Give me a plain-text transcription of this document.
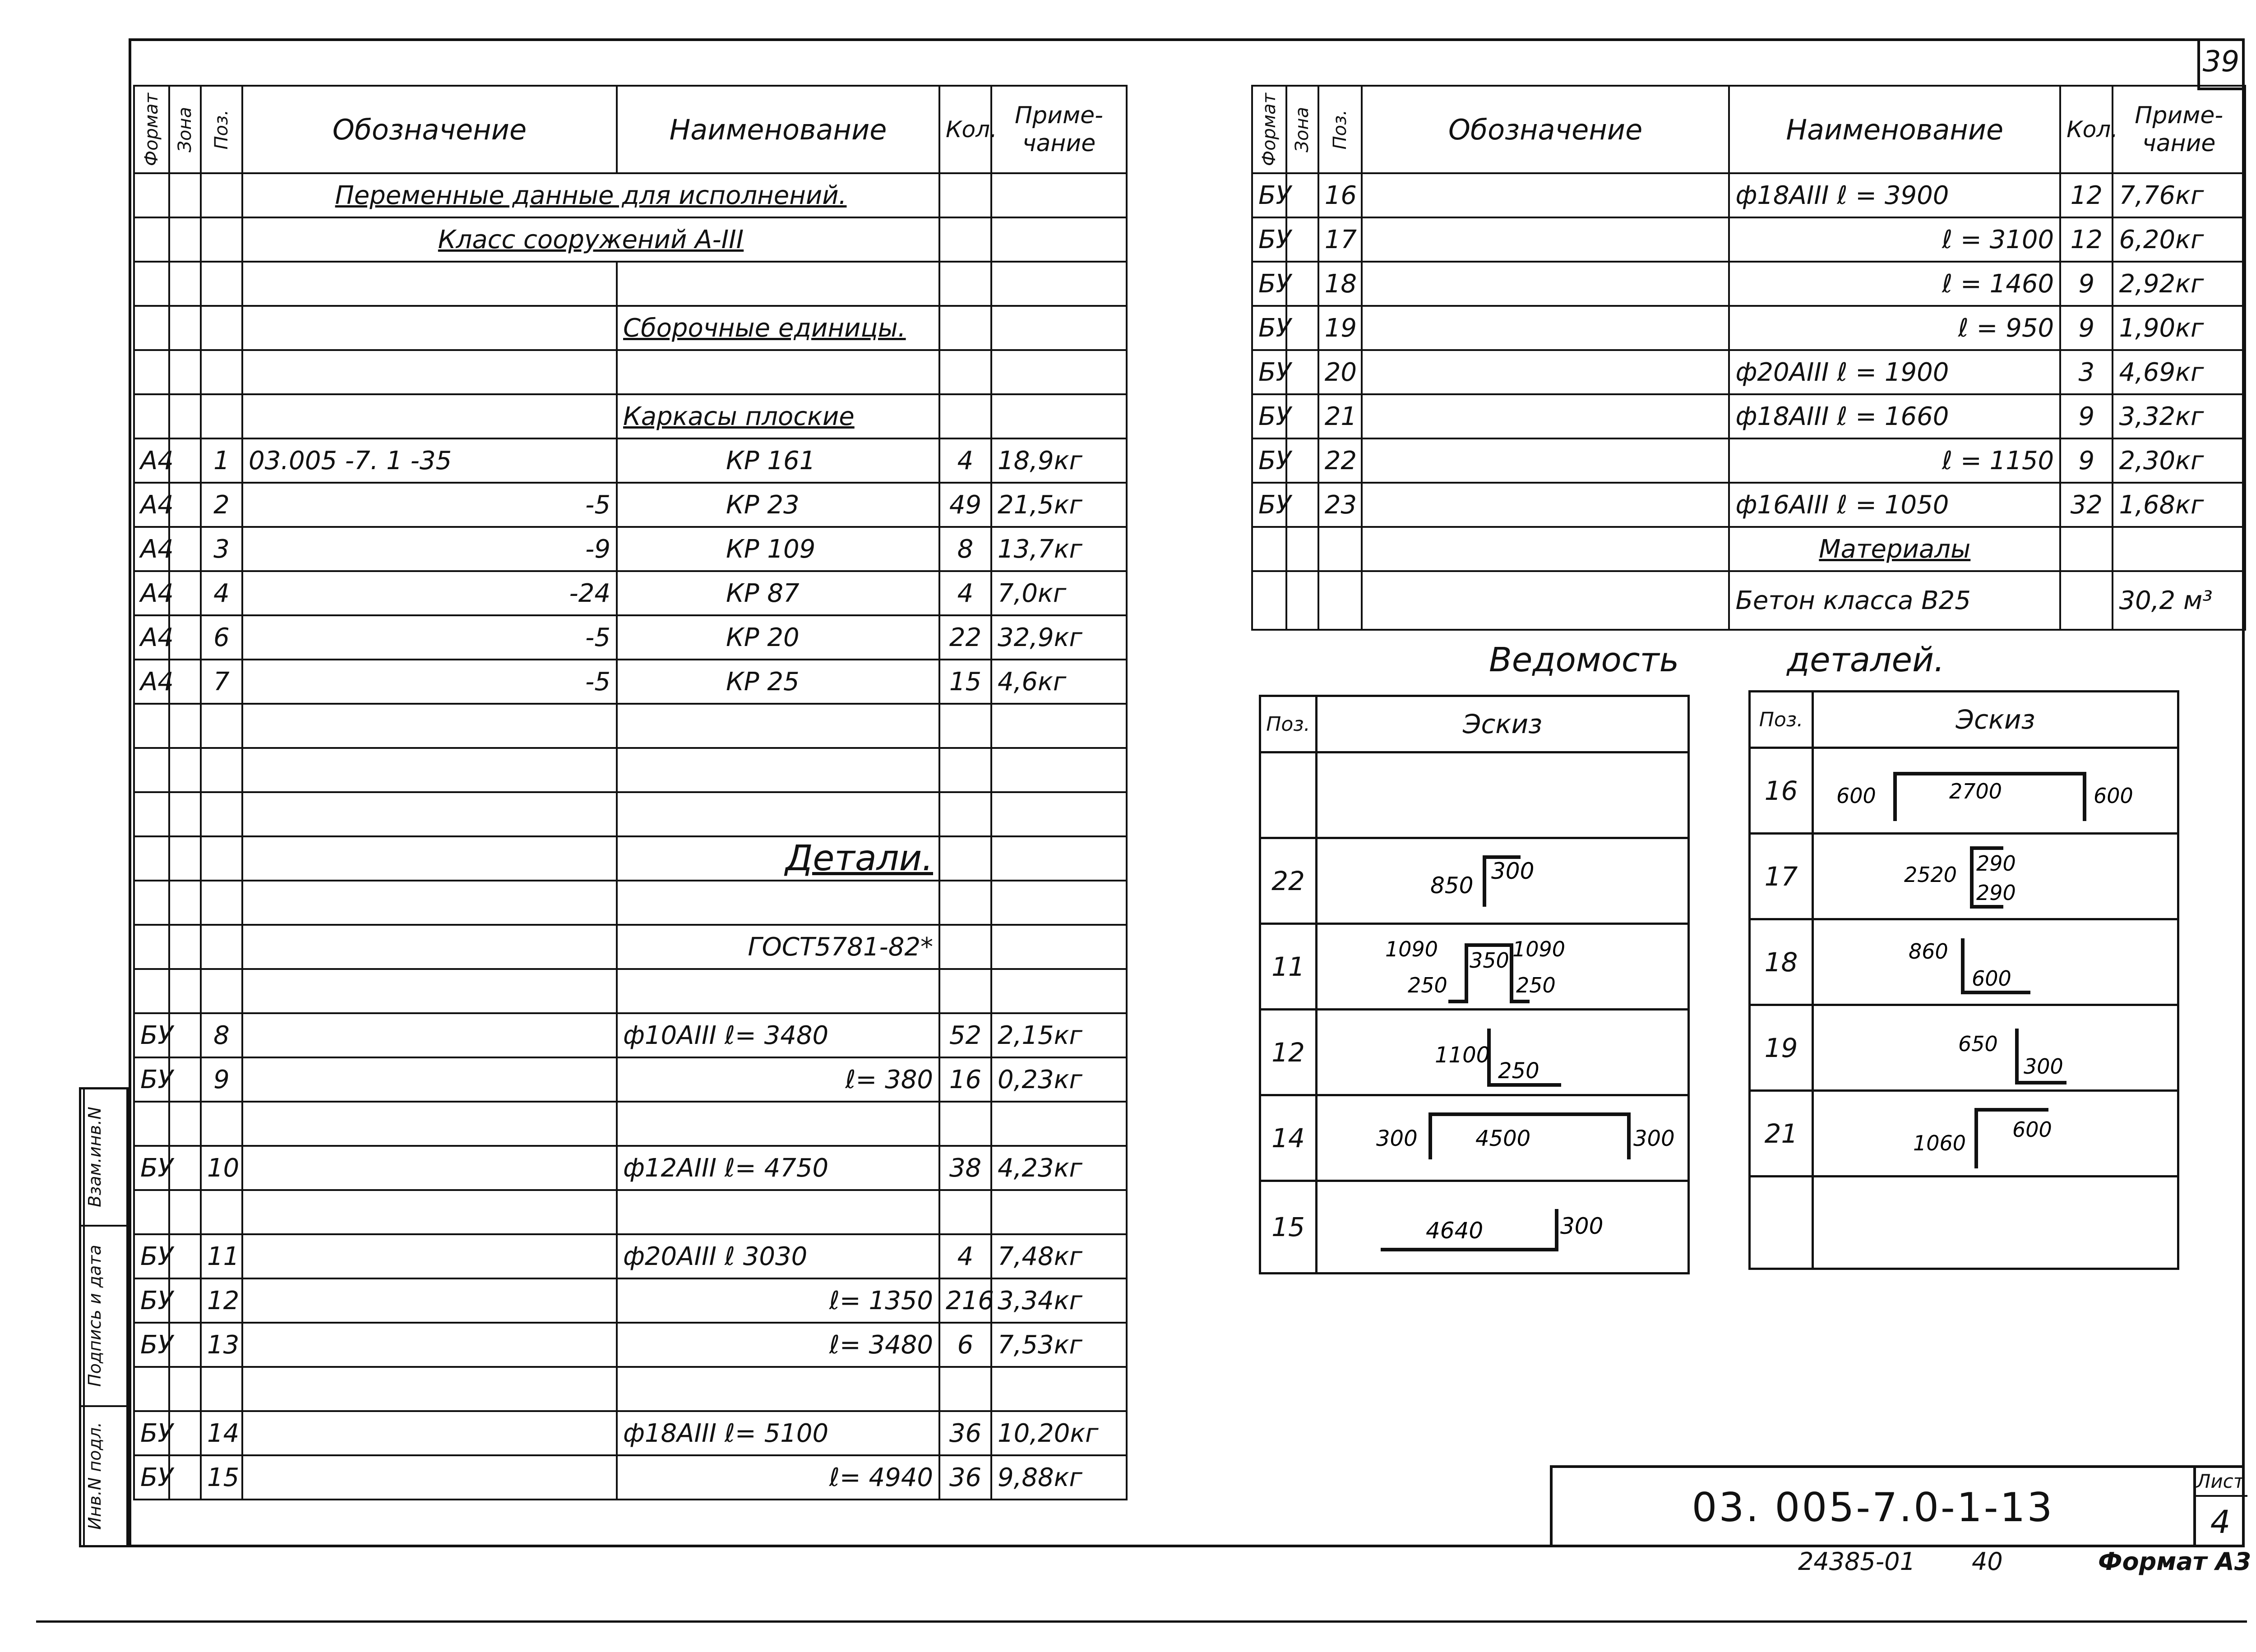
39
Формат	Зона	Поз.	Обозначение	Наименование	Кол.	Приме-чание
			Переменные данные для исполнений.			
			Класс сооружений А-III			

				Сборочные единицы.		

				Каркасы плоские		
А4		1	03.005 -7. 1 -35	КР 161	4	18,9кг
А4		2	-5	КР 23	49	21,5кг
А4		3	-9	КР 109	8	13,7кг
А4		4	-24	КР 87	4	7,0кг
А4		6	-5	КР 20	22	32,9кг
А4		7	-5	КР 25	15	4,6кг

				Детали.		

				ГОСТ5781-82*		

БУ		8		ф10АIII ℓ= 3480	52	2,15кг
БУ		9		ℓ= 380	16	0,23кг

БУ		10		ф12АIII ℓ= 4750	38	4,23кг

БУ		11		ф20АIII ℓ 3030	4	7,48кг
БУ		12		ℓ= 1350	216	3,34кг
БУ		13		ℓ= 3480	6	7,53кг

БУ		14		ф18АIII ℓ= 5100	36	10,20кг
БУ		15		ℓ= 4940	36	9,88кг
Формат	Зона	Поз.	Обозначение	Наименование	Кол.	Приме-чание
БУ		16		ф18АIII ℓ = 3900	12	7,76кг
БУ		17		ℓ = 3100	12	6,20кг
БУ		18		ℓ = 1460	9	2,92кг
БУ		19		ℓ = 950	9	1,90кг
БУ		20		ф20АIII ℓ = 1900	3	4,69кг
БУ		21		ф18АIII ℓ = 1660	9	3,32кг
БУ		22		ℓ = 1150	9	2,30кг
БУ		23		ф16АIII ℓ = 1050	32	1,68кг
				Материалы		
				Бетон класса В25		30,2 м³
Ведомость	деталей.
Поз.	Эскиз

22	850
300

11	1090 350 1090
250 250

12	1100
250

14	300 4500 300

15	4640 300
Поз.	Эскиз
16	600 2700 600

17	2520 290
290

18	860
600

19	650
300

21	1060
600

Взам.инв.N
Подпись и дата
Инв.N подл.	03. 005-7.0-1-13
Лист
4
24385-01 40	Формат А3
